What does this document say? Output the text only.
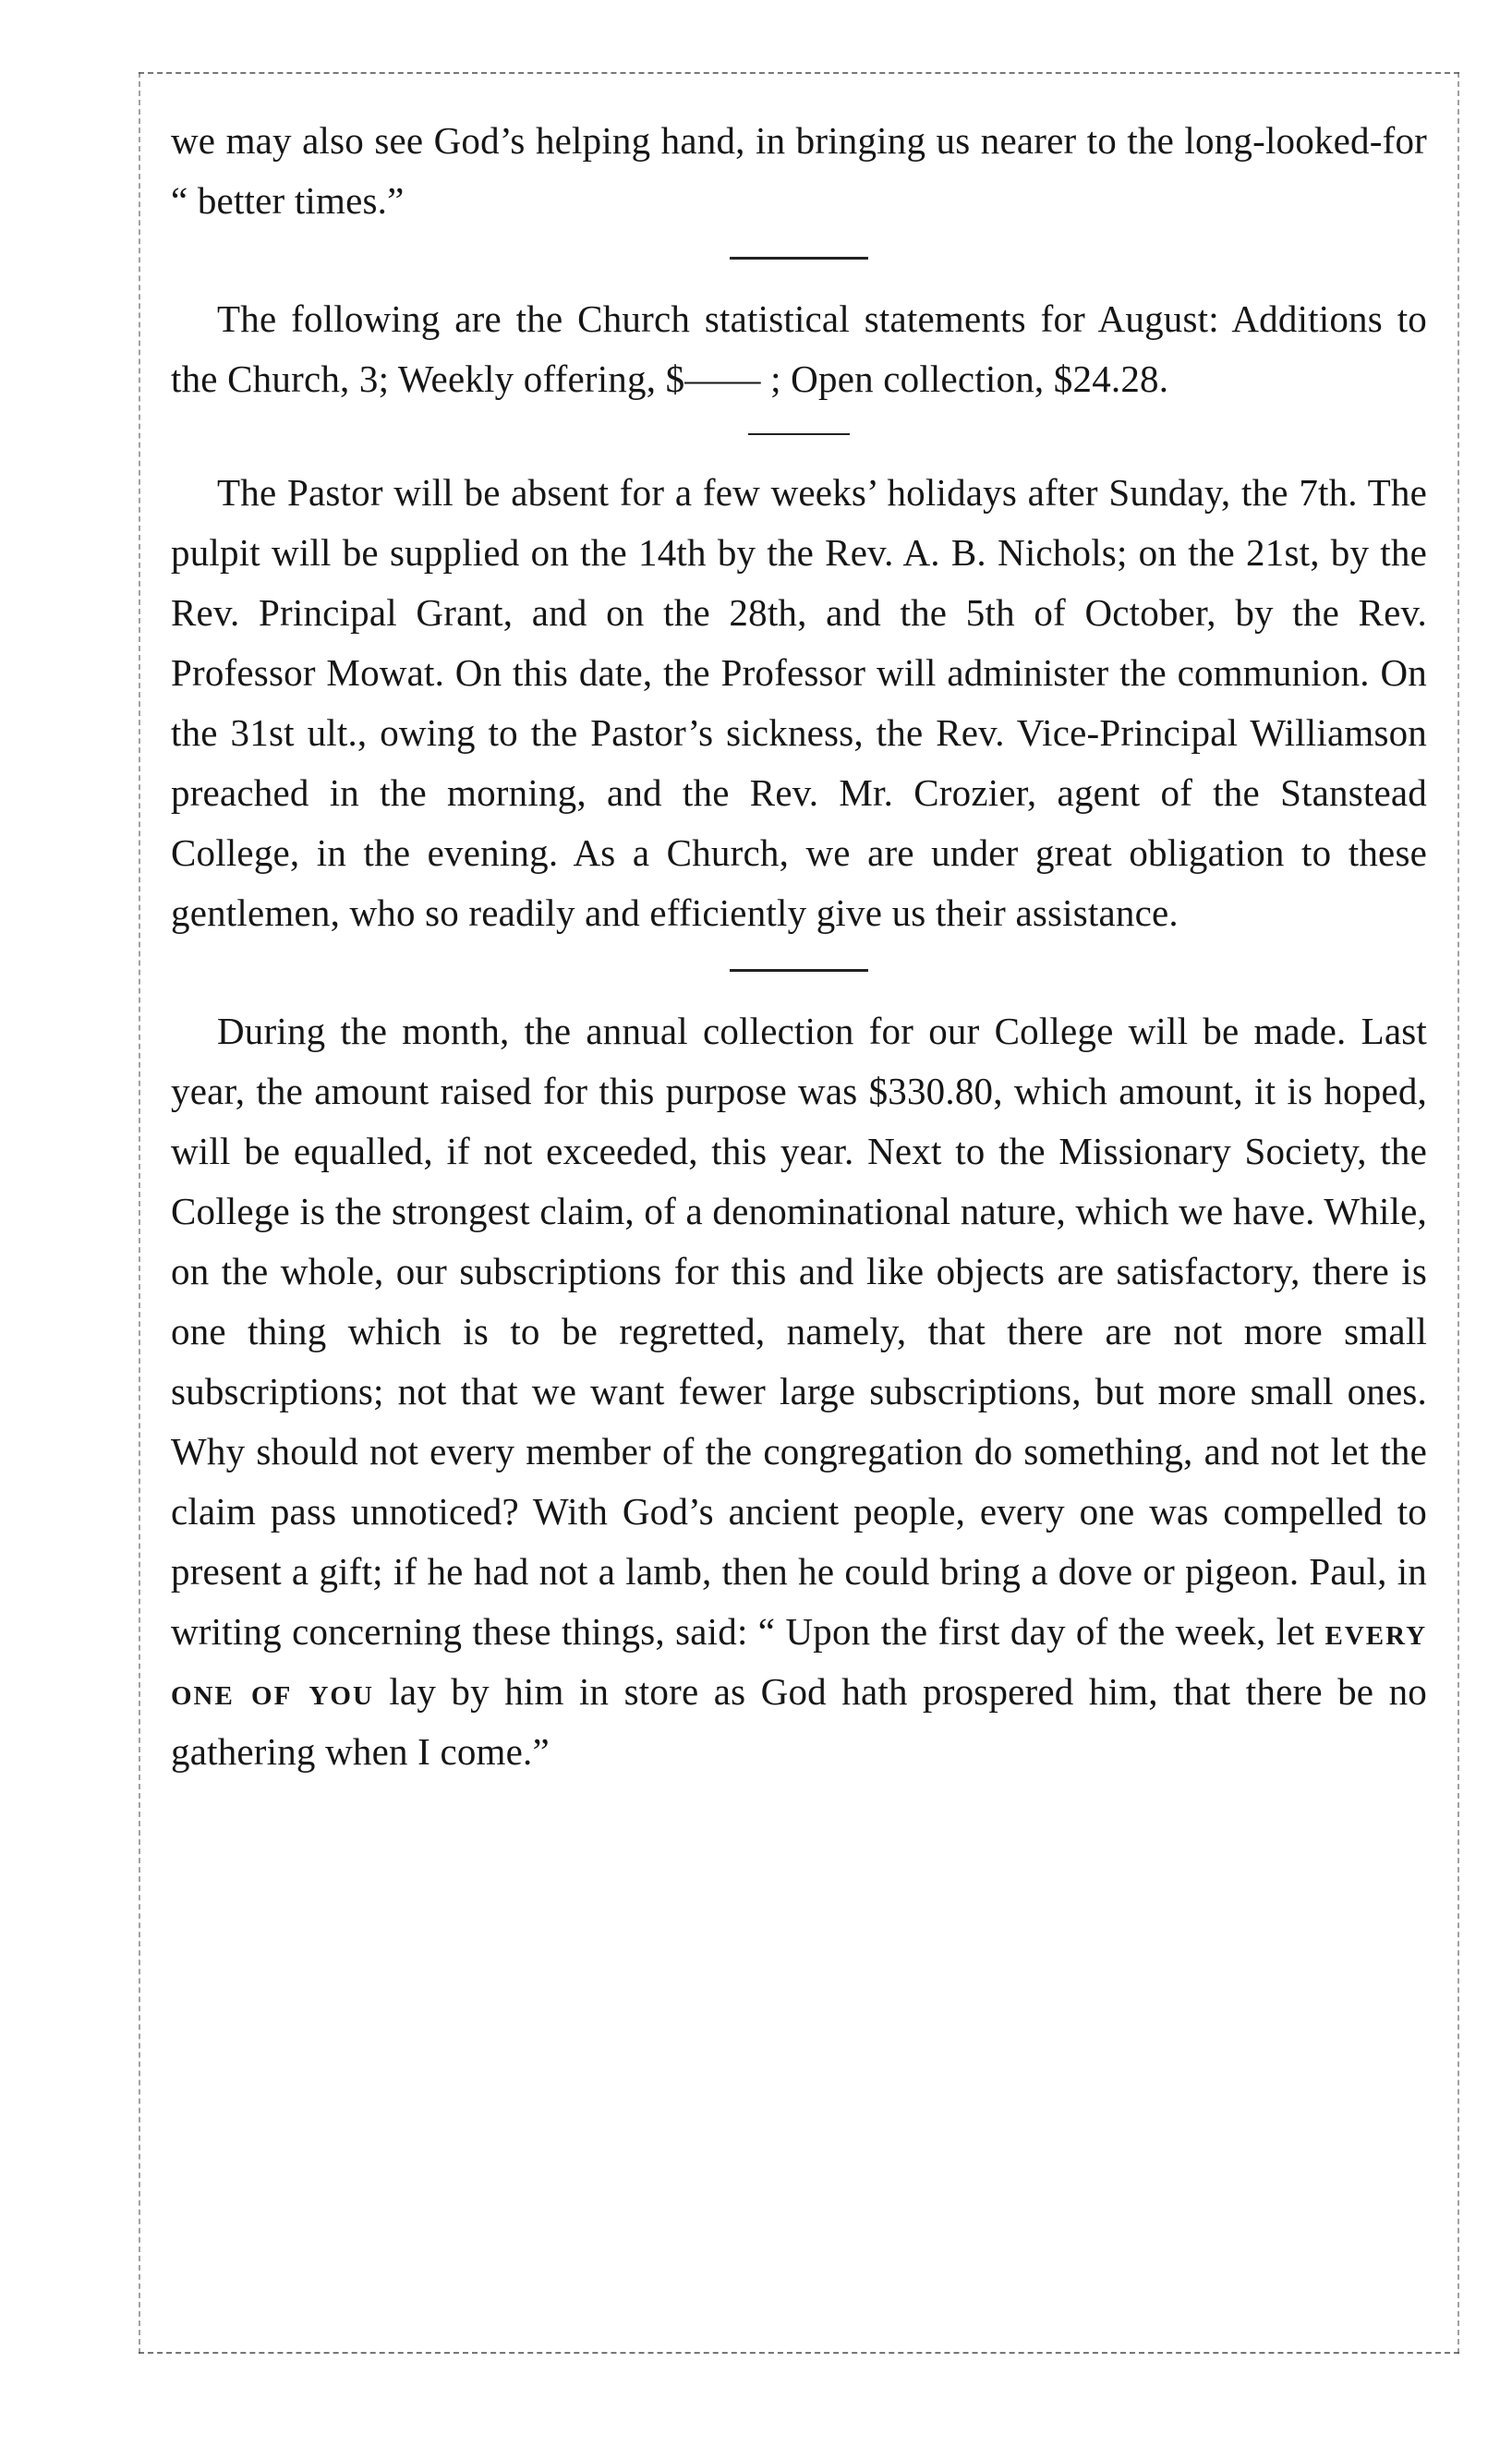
we may also see God’s helping hand, in bringing us nearer to the long-looked-for “ better times.”

The following are the Church statistical statements for August: Additions to the Church, 3; Weekly offering, $—— ; Open collection, $24.28.

The Pastor will be absent for a few weeks’ holidays after Sunday, the 7th. The pulpit will be supplied on the 14th by the Rev. A. B. Nichols; on the 21st, by the Rev. Principal Grant, and on the 28th, and the 5th of October, by the Rev. Professor Mowat. On this date, the Professor will administer the communion. On the 31st ult., owing to the Pastor’s sickness, the Rev. Vice-Principal Williamson preached in the morning, and the Rev. Mr. Crozier, agent of the Stanstead College, in the evening. As a Church, we are under great obligation to these gentlemen, who so readily and efficiently give us their assistance.

During the month, the annual collection for our College will be made. Last year, the amount raised for this purpose was $330.80, which amount, it is hoped, will be equalled, if not exceeded, this year. Next to the Missionary Society, the College is the strongest claim, of a denominational nature, which we have. While, on the whole, our subscriptions for this and like objects are satisfactory, there is one thing which is to be regretted, namely, that there are not more small subscriptions; not that we want fewer large subscriptions, but more small ones. Why should not every member of the congregation do something, and not let the claim pass unnoticed? With God’s ancient people, every one was compelled to present a gift; if he had not a lamb, then he could bring a dove or pigeon. Paul, in writing concerning these things, said: “ Upon the first day of the week, let every one of you lay by him in store as God hath prospered him, that there be no gathering when I come.”
